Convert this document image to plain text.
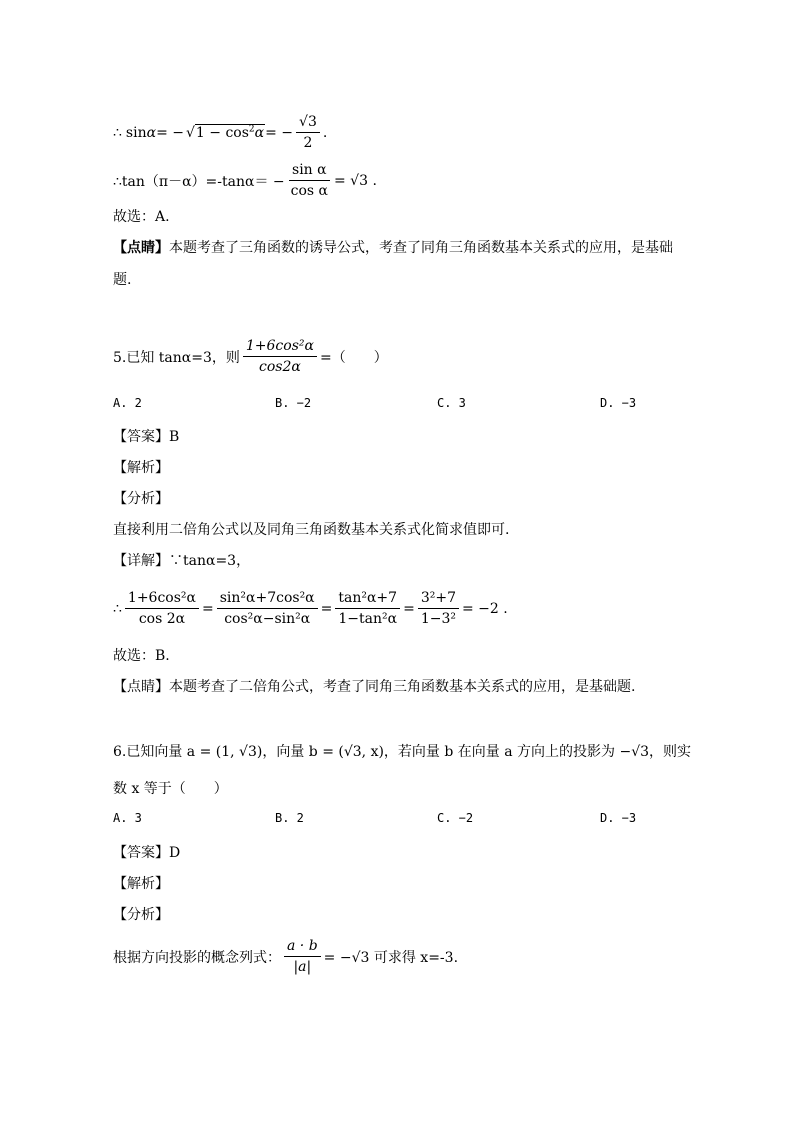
∴ sin α = − √ $1 - \cos^2\alpha$ = − $\frac{√3}{2}$ .
∴tan（π－α）=-tanα＝ − $\frac{\text{sin α}}{\text{cos α}} = √3$ .
故选：A.
【点睛】 本题考查了三角函数的诱导公式，考查了同角三角函数基本关系式的应用，是基础
题.
5.已知 tanα=3，则 $\frac{\text{1+6cos²α}}{\cos 2\alpha}$ =（　　）
A. 2	B. −2	C. 3	D. −3
【答案】B
【解析】
【分析】
直接利用二倍角公式以及同角三角函数基本关系式化简求值即可.
【详解】∵tanα=3，
∴ $\frac{\text{1+6cos²α}}{\cos 2\alpha} = \frac{\text{sin²α+7cos²α}}{\text{cos²α−sin²α}} = \frac{\text{tan²α+7}}{\text{1−tan²α}} = \frac{\text{3²+7}}{\text{1−3²}} = -2$ .
故选：B.
【点睛】本题考查了二倍角公式，考查了同角三角函数基本关系式的应用，是基础题.
6.已知向量 a = (1, √3)，向量 b = (√3, x)，若向量 b 在向量 a 方向上的投影为 −√3，则实
数 x 等于（　　）
A. 3	B. 2	C. −2	D. −3
【答案】D
【解析】
【分析】
根据方向投影的概念列式： $\frac{a \cdot b}{|a|} = -√3$ 可求得 x=-3.
